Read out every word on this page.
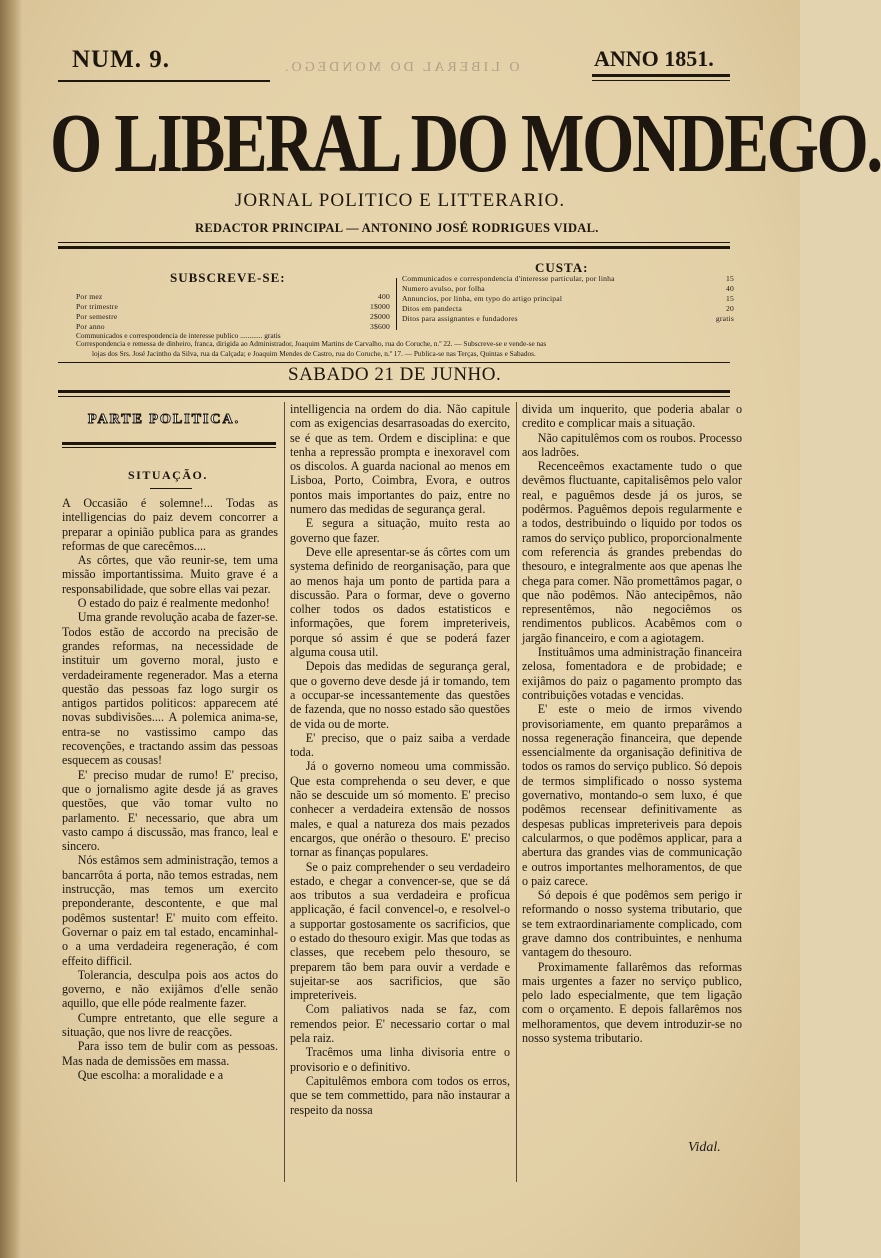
NUM. 9.	O LIBERAL DO MONDEGO.	ANNO 1851.
O LIBERAL DO MONDEGO.
JORNAL POLITICO E LITTERARIO.
REDACTOR PRINCIPAL — ANTONINO JOSÉ RODRIGUES VIDAL.
SUBSCREVE-SE:
CUSTA:
Por mez	400
Por trimestre	1$000
Por semestre	2$000
Por anno	3$600
Communicados e correspondencia d'interesse particular, por linha	15
Numero avulso, por folha	40
Annuncios, por linha, em typo do artigo principal	15
Ditos em pandecta	20
Ditos para assignantes e fundadores	gratis
Communicados e correspondencia de interesse publico ............ gratis
Correspondencia e remessa de dinheiro, franca, dirigida ao Administrador, Joaquim Martins de Carvalho, rua do Coruche, n.º 22. — Subscreve-se e vende-se nas
lojas dos Srs. José Jacintho da Silva, rua da Calçada; e Joaquim Mendes de Castro, rua do Coruche, n.º 17. — Publica-se nas Terças, Quintas e Sabados.
SABADO 21 DE JUNHO.
PARTE POLITICA.
SITUAÇÃO.

A Occasião é solemne!... Todas as intelligencias do paiz devem concorrer a preparar a opinião publica para as grandes reformas de que carecêmos....

As côrtes, que vão reunir-se, tem uma missão importantissima. Muito grave é a responsabilidade, que sobre ellas vai pezar.

O estado do paiz é realmente medonho!

Uma grande revolução acaba de fazer-se. Todos estão de accordo na precisão de grandes reformas, na necessidade de instituir um governo moral, justo e verdadeiramente regenerador. Mas a eterna questão das pessoas faz logo surgir os antigos partidos politicos: apparecem até novas subdivisões.... A polemica anima-se, entra-se no vastissimo campo das recovenções, e tractando assim das pessoas esquecem as cousas!

E' preciso mudar de rumo! E' preciso, que o jornalismo agite desde já as graves questões, que vão tomar vulto no parlamento. E' necessario, que abra um vasto campo á discussão, mas franco, leal e sincero.

Nós estâmos sem administração, temos a bancarrôta á porta, não temos estradas, nem instrucção, mas temos um exercito preponderante, descontente, e que mal podêmos sustentar! E' muito com effeito. Governar o paiz em tal estado, encaminhal-o a uma verdadeira regeneração, é com effeito difficil.

Tolerancia, desculpa pois aos actos do governo, e não exijâmos d'elle senão aquillo, que elle póde realmente fazer.

Cumpre entretanto, que elle segure a situação, que nos livre de reacções.

Para isso tem de bulir com as pessoas. Mas nada de demissões em massa.

Que escolha: a moralidade e a

intelligencia na ordem do dia. Não capitule com as exigencias desarrasoadas do exercito, se é que as tem. Ordem e disciplina: e que tenha a repressão prompta e inexoravel com os discolos. A guarda nacional ao menos em Lisboa, Porto, Coimbra, Evora, e outros pontos mais importantes do paiz, entre no numero das medidas de segurança geral.

E segura a situação, muito resta ao governo que fazer.

Deve elle apresentar-se ás côrtes com um systema definido de reorganisação, para que ao menos haja um ponto de partida para a discussão. Para o formar, deve o governo colher todos os dados estatisticos e informações, que forem impreteriveis, porque só assim é que se poderá fazer alguma cousa util.

Depois das medidas de segurança geral, que o governo deve desde já ir tomando, tem a occupar-se incessantemente das questões de fazenda, que no nosso estado são questões de vida ou de morte.

E' preciso, que o paiz saiba a verdade toda.

Já o governo nomeou uma commissão. Que esta comprehenda o seu dever, e que não se descuide um só momento. E' preciso conhecer a verdadeira extensão de nossos males, e qual a natureza dos mais pezados encargos, que onérão o thesouro. E' preciso tornar as finanças populares.

Se o paiz comprehender o seu verdadeiro estado, e chegar a convencer-se, que se dá aos tributos a sua verdadeira e proficua applicação, é facil convencel-o, e resolvel-o a supportar gostosamente os sacrificios, que o estado do thesouro exigir. Mas que todas as classes, que recebem pelo thesouro, se preparem tão bem para ouvir a verdade e sujeitar-se aos sacrificios, que são impreteriveis.

Com paliativos nada se faz, com remendos peior. E' necessario cortar o mal pela raiz.

Tracêmos uma linha divisoria entre o provisorio e o definitivo.

Capitulêmos embora com todos os erros, que se tem commettido, para não instaurar a respeito da nossa

divida um inquerito, que poderia abalar o credito e complicar mais a situação.

Não capitulêmos com os roubos. Processo aos ladrões.

Recenceêmos exactamente tudo o que devêmos fluctuante, capitalisêmos pelo valor real, e paguêmos desde já os juros, se podêrmos. Paguêmos depois regularmente e a todos, destribuindo o liquido por todos os ramos do serviço publico, proporcionalmente com referencia ás grandes prebendas do thesouro, e integralmente aos que apenas lhe chega para comer. Não promettâmos pagar, o que não podêmos. Não antecipêmos, não representêmos, não negociêmos os rendimentos publicos. Acabêmos com o jargão financeiro, e com a agiotagem.

Instituâmos uma administração financeira zelosa, fomentadora e de probidade; e exijâmos do paiz o pagamento prompto das contribuições votadas e vencidas.

E' este o meio de irmos vivendo provisoriamente, em quanto preparâmos a nossa regeneração financeira, que depende essencialmente da organisação definitiva de todos os ramos do serviço publico. Só depois de termos simplificado o nosso systema governativo, montando-o sem luxo, é que podêmos recensear definitivamente as despesas publicas impreteriveis para depois calcularmos, o que podêmos applicar, para a abertura das grandes vias de communicação e outros importantes melhoramentos, de que o paiz carece.

Só depois é que podêmos sem perigo ir reformando o nosso systema tributario, que se tem extraordinariamente complicado, com grave damno dos contribuintes, e nenhuma vantagem do thesouro.

Proximamente fallarêmos das reformas mais urgentes a fazer no serviço publico, pelo lado especialmente, que tem ligação com o orçamento. E depois fallarêmos nos melhoramentos, que devem introduzir-se no nosso systema tributario.

Vidal.
